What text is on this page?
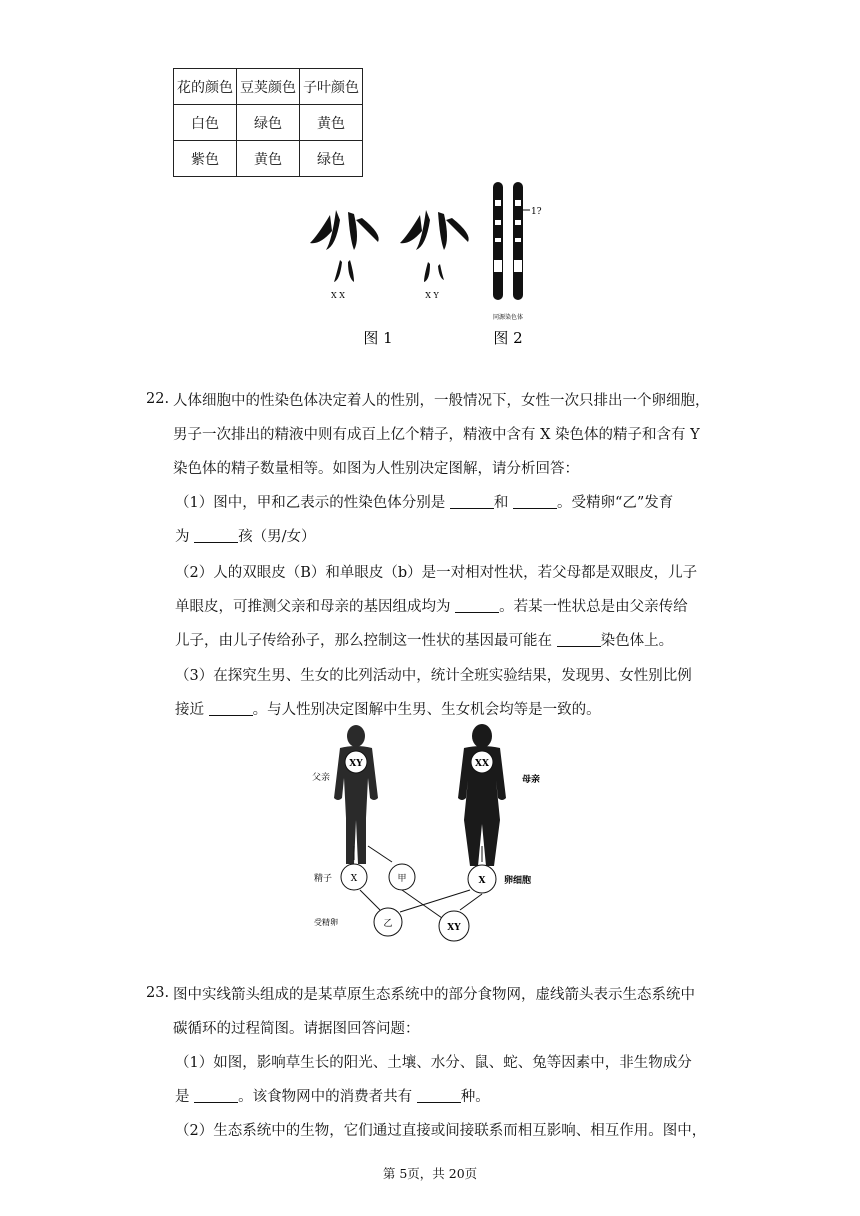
花的颜色	豆荚颜色	子叶颜色
白色	绿色	黄色
紫色	黄色	绿色
X X	X Y
1?
同源染色体
图 1	图 2
22. 人体细胞中的性染色体决定着人的性别，一般情况下，女性一次只排出一个卵细胞，
男子一次排出的精液中则有成百上亿个精子，精液中含有 X 染色体的精子和含有 Y
染色体的精子数量相等。如图为人性别决定图解，请分析回答：
（1）图中，甲和乙表示的性染色体分别是	和	。受精卵“乙”发育
为	孩（男/女）
（2）人的双眼皮（B）和单眼皮（b）是一对相对性状，若父母都是双眼皮，儿子
单眼皮，可推测父亲和母亲的基因组成均为	。若某一性状总是由父亲传给
儿子，由儿子传给孙子，那么控制这一性状的基因最可能在	染色体上。
（3）在探究生男、生女的比列活动中，统计全班实验结果，发现男、女性别比例
接近	。与人性别决定图解中生男、生女机会均等是一致的。
XY
父亲
XX
母亲
X	甲	X
精子	卵细胞
乙	XY
受精卵
23. 图中实线箭头组成的是某草原生态系统中的部分食物网，虚线箭头表示生态系统中
碳循环的过程简图。请据图回答问题：
（1）如图，影响草生长的阳光、土壤、水分、鼠、蛇、兔等因素中，非生物成分
是	。该食物网中的消费者共有	种。
（2）生态系统中的生物，它们通过直接或间接联系而相互影响、相互作用。图中，
第 5页，共 20页
